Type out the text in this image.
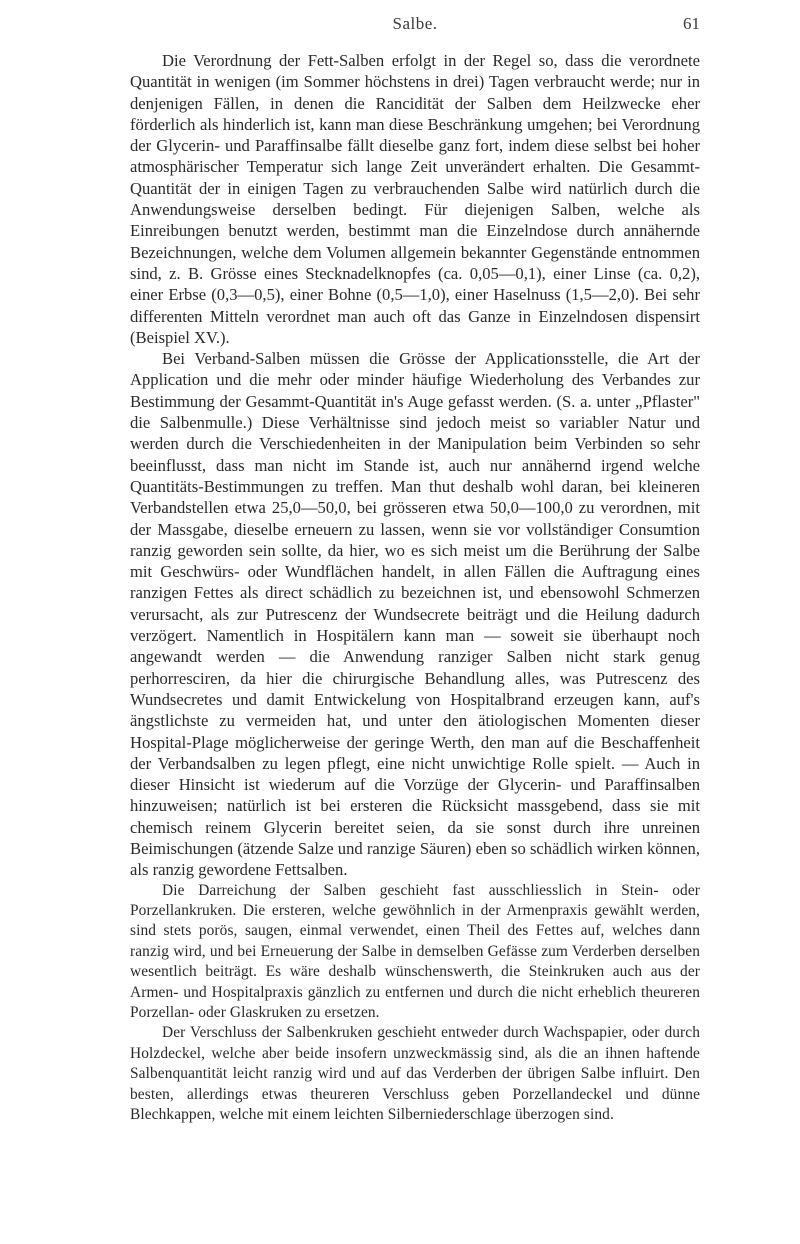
Salbe.	61

Die Verordnung der Fett-Salben erfolgt in der Regel so, dass die verordnete Quantität in wenigen (im Sommer höchstens in drei) Tagen verbraucht werde; nur in denjenigen Fällen, in denen die Rancidität der Salben dem Heilzwecke eher förderlich als hinderlich ist, kann man diese Beschränkung umgehen; bei Verordnung der Glycerin- und Paraffinsalbe fällt dieselbe ganz fort, indem diese selbst bei hoher atmosphärischer Temperatur sich lange Zeit unverändert erhalten. Die Gesammt-Quantität der in einigen Tagen zu verbrauchenden Salbe wird natürlich durch die Anwendungsweise derselben bedingt. Für diejenigen Salben, welche als Einreibungen benutzt werden, bestimmt man die Einzelndose durch annähernde Bezeichnungen, welche dem Volumen allgemein bekannter Gegenstände entnommen sind, z. B. Grösse eines Stecknadelknopfes (ca. 0,05—0,1), einer Linse (ca. 0,2), einer Erbse (0,3—0,5), einer Bohne (0,5—1,0), einer Haselnuss (1,5—2,0). Bei sehr differenten Mitteln verordnet man auch oft das Ganze in Einzelndosen dispensirt (Beispiel XV.).

Bei Verband-Salben müssen die Grösse der Applicationsstelle, die Art der Application und die mehr oder minder häufige Wiederholung des Verbandes zur Bestimmung der Gesammt-Quantität in's Auge gefasst werden. (S. a. unter „Pflaster" die Salbenmulle.) Diese Verhältnisse sind jedoch meist so variabler Natur und werden durch die Verschiedenheiten in der Manipulation beim Verbinden so sehr beeinflusst, dass man nicht im Stande ist, auch nur annähernd irgend welche Quantitäts-Bestimmungen zu treffen. Man thut deshalb wohl daran, bei kleineren Verbandstellen etwa 25,0—50,0, bei grösseren etwa 50,0—100,0 zu verordnen, mit der Massgabe, dieselbe erneuern zu lassen, wenn sie vor vollständiger Consumtion ranzig geworden sein sollte, da hier, wo es sich meist um die Berührung der Salbe mit Geschwürs- oder Wundflächen handelt, in allen Fällen die Auftragung eines ranzigen Fettes als direct schädlich zu bezeichnen ist, und ebensowohl Schmerzen verursacht, als zur Putrescenz der Wundsecrete beiträgt und die Heilung dadurch verzögert. Namentlich in Hospitälern kann man — soweit sie überhaupt noch angewandt werden — die Anwendung ranziger Salben nicht stark genug perhorresciren, da hier die chirurgische Behandlung alles, was Putrescenz des Wundsecretes und damit Entwickelung von Hospitalbrand erzeugen kann, auf's ängstlichste zu vermeiden hat, und unter den ätiologischen Momenten dieser Hospital-Plage möglicherweise der geringe Werth, den man auf die Beschaffenheit der Verbandsalben zu legen pflegt, eine nicht unwichtige Rolle spielt. — Auch in dieser Hinsicht ist wiederum auf die Vorzüge der Glycerin- und Paraffinsalben hinzuweisen; natürlich ist bei ersteren die Rücksicht massgebend, dass sie mit chemisch reinem Glycerin bereitet seien, da sie sonst durch ihre unreinen Beimischungen (ätzende Salze und ranzige Säuren) eben so schädlich wirken können, als ranzig gewordene Fettsalben.

Die Darreichung der Salben geschieht fast ausschliesslich in Stein- oder Porzellankruken. Die ersteren, welche gewöhnlich in der Armenpraxis gewählt werden, sind stets porös, saugen, einmal verwendet, einen Theil des Fettes auf, welches dann ranzig wird, und bei Erneuerung der Salbe in demselben Gefässe zum Verderben derselben wesentlich beiträgt. Es wäre deshalb wünschenswerth, die Steinkruken auch aus der Armen- und Hospitalpraxis gänzlich zu entfernen und durch die nicht erheblich theureren Porzellan- oder Glaskruken zu ersetzen.

Der Verschluss der Salbenkruken geschieht entweder durch Wachspapier, oder durch Holzdeckel, welche aber beide insofern unzweckmässig sind, als die an ihnen haftende Salbenquantität leicht ranzig wird und auf das Verderben der übrigen Salbe influirt. Den besten, allerdings etwas theureren Verschluss geben Porzellandeckel und dünne Blechkappen, welche mit einem leichten Silberniederschlage überzogen sind.
